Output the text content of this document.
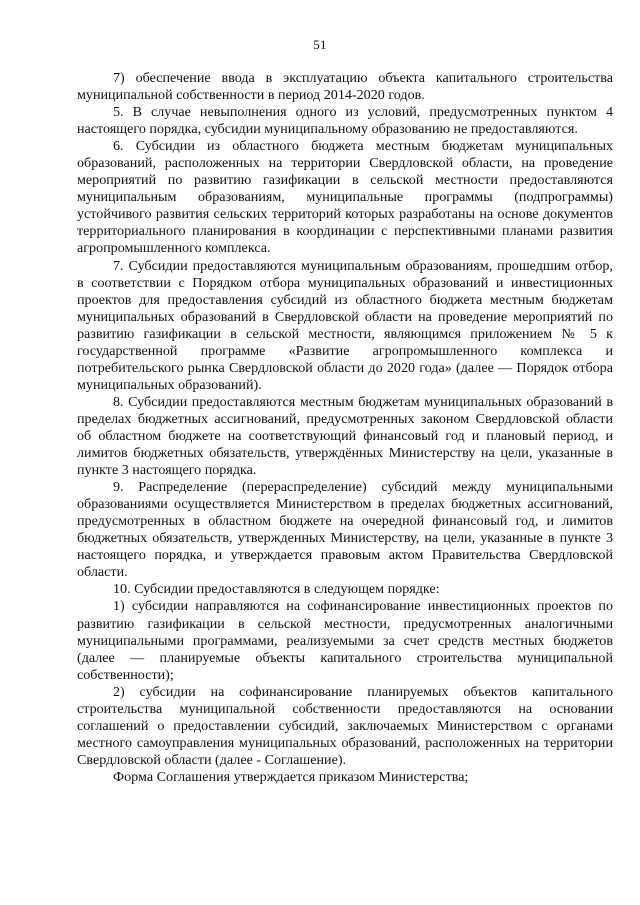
51

7) обеспечение ввода в эксплуатацию объекта капитального строительства муниципальной собственности в период 2014-2020 годов.

5. В случае невыполнения одного из условий, предусмотренных пунктом 4 настоящего порядка, субсидии муниципальному образованию не предоставляются.

6. Субсидии из областного бюджета местным бюджетам муниципальных образований, расположенных на территории Свердловской области, на проведение мероприятий по развитию газификации в сельской местности предоставляются муниципальным образованиям, муниципальные программы (подпрограммы) устойчивого развития сельских территорий которых разработаны на основе документов территориального планирования в координации с перспективными планами развития агропромышленного комплекса.

7. Субсидии предоставляются муниципальным образованиям, прошедшим отбор, в соответствии с Порядком отбора муниципальных образований и инвестиционных проектов для предоставления субсидий из областного бюджета местным бюджетам муниципальных образований в Свердловской области на проведение мероприятий по развитию газификации в сельской местности, являющимся приложением № 5 к государственной программе «Развитие агропромышленного комплекса и потребительского рынка Свердловской области до 2020 года» (далее — Порядок отбора муниципальных образований).

8. Субсидии предоставляются местным бюджетам муниципальных образований в пределах бюджетных ассигнований, предусмотренных законом Свердловской области об областном бюджете на соответствующий финансовый год и плановый период, и лимитов бюджетных обязательств, утверждённых Министерству на цели, указанные в пункте 3 настоящего порядка.

9. Распределение (перераспределение) субсидий между муниципальными образованиями осуществляется Министерством в пределах бюджетных ассигнований, предусмотренных в областном бюджете на очередной финансовый год, и лимитов бюджетных обязательств, утвержденных Министерству, на цели, указанные в пункте 3 настоящего порядка, и утверждается правовым актом Правительства Свердловской области.

10. Субсидии предоставляются в следующем порядке:

1) субсидии направляются на софинансирование инвестиционных проектов по развитию газификации в сельской местности, предусмотренных аналогичными муниципальными программами, реализуемыми за счет средств местных бюджетов (далее — планируемые объекты капитального строительства муниципальной собственности);

2) субсидии на софинансирование планируемых объектов капитального строительства муниципальной собственности предоставляются на основании соглашений о предоставлении субсидий, заключаемых Министерством с органами местного самоуправления муниципальных образований, расположенных на территории Свердловской области (далее - Соглашение).

Форма Соглашения утверждается приказом Министерства;
